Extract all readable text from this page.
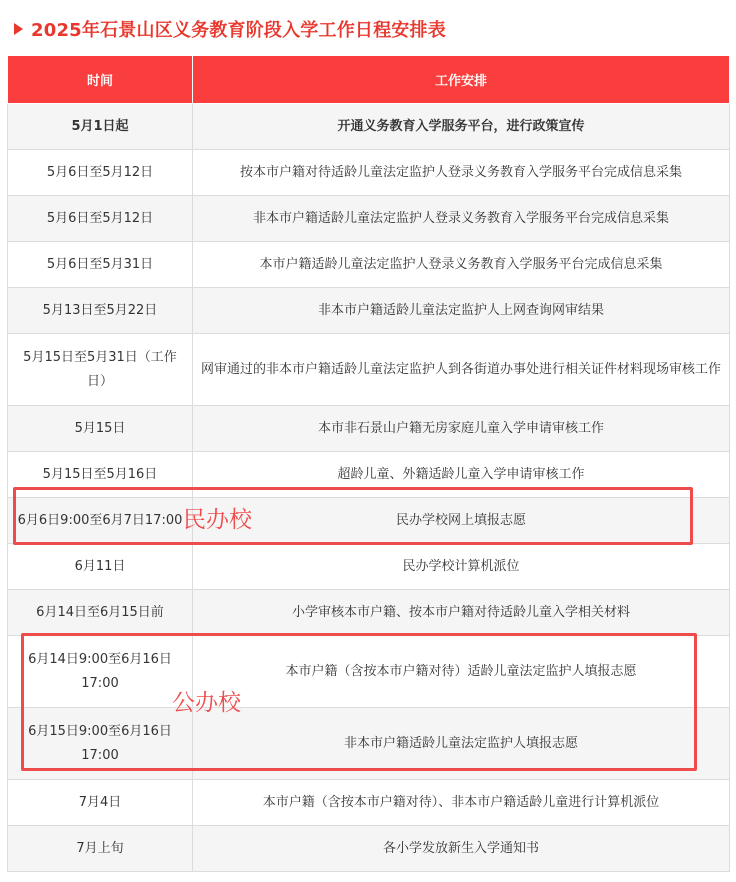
2025年石景山区义务教育阶段入学工作日程安排表
时间	工作安排
5月1日起	开通义务教育入学服务平台，进行政策宣传
5月6日至5月12日	按本市户籍对待适龄儿童法定监护人登录义务教育入学服务平台完成信息采集
5月6日至5月12日	非本市户籍适龄儿童法定监护人登录义务教育入学服务平台完成信息采集
5月6日至5月31日	本市户籍适龄儿童法定监护人登录义务教育入学服务平台完成信息采集
5月13日至5月22日	非本市户籍适龄儿童法定监护人上网查询网审结果
5月15日至5月31日（工作日）	网审通过的非本市户籍适龄儿童法定监护人到各街道办事处进行相关证件材料现场审核工作
5月15日	本市非石景山户籍无房家庭儿童入学申请审核工作
5月15日至5月16日	超龄儿童、外籍适龄儿童入学申请审核工作
6月6日9:00至6月7日17:00	民办学校网上填报志愿
6月11日	民办学校计算机派位
6月14日至6月15日前	小学审核本市户籍、按本市户籍对待适龄儿童入学相关材料
6月14日9:00至6月16日17:00	本市户籍（含按本市户籍对待）适龄儿童法定监护人填报志愿
6月15日9:00至6月16日17:00	非本市户籍适龄儿童法定监护人填报志愿
7月4日	本市户籍（含按本市户籍对待）、非本市户籍适龄儿童进行计算机派位
7月上旬	各小学发放新生入学通知书
民办校
公办校
